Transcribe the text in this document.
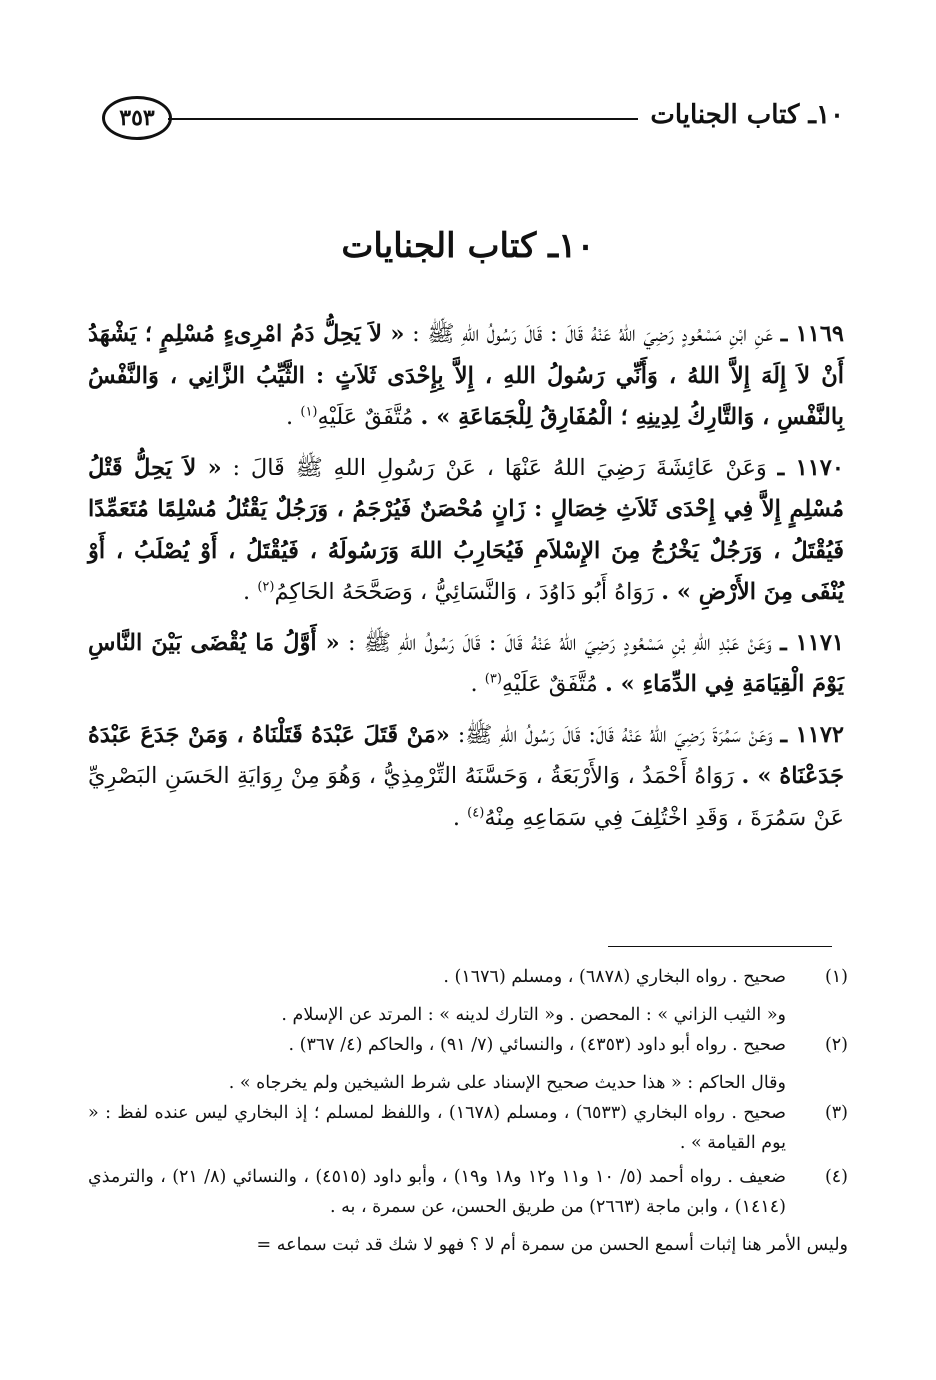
١٠ـ كتاب الجنايات
٣٥٣
١٠ـ كتاب الجنايات

١١٦٩ ـ عَنِ ابْنِ مَسْعُودٍ رَضِيَ اللهُ عَنْهُ قَالَ : قَالَ رَسُولُ اللهِ ﷺ : « لاَ يَحِلُّ دَمُ امْرِىءٍ مُسْلِمٍ ؛ يَشْهَدُ أَنْ لاَ إِلَهَ إِلاَّ اللهُ ، وَأَنِّي رَسُولُ اللهِ ، إِلاَّ بِإِحْدَى ثَلاَثٍ : الثَّيِّبُ الزَّانِي ، وَالنَّفْسُ بِالنَّفْسِ ، وَالتَّارِكُ لِدِينِهِ ؛ الْمُفَارِقُ لِلْجَمَاعَةِ » . مُتَّفَقٌ عَلَيْهِ$^{(١)}$ .

١١٧٠ ـ وَعَنْ عَائِشَةَ رَضِيَ اللهُ عَنْهَا ، عَنْ رَسُولِ اللهِ ﷺ قَالَ : « لاَ يَحِلُّ قَتْلُ مُسْلِمٍ إِلاَّ فِي إِحْدَى ثَلاَثِ خِصَالٍ : زَانٍ مُحْصَنٌ فَيُرْجَمُ ، وَرَجُلٌ يَقْتُلُ مُسْلِمًا مُتَعَمِّدًا فَيُقْتَلُ ، وَرَجُلٌ يَخْرُجُ مِنَ الإِسْلاَمِ فَيُحَارِبُ اللهَ وَرَسُولَهُ ، فَيُقْتَلُ ، أَوْ يُصْلَبُ ، أَوْ يُنْفَى مِنَ الأَرْضِ » . رَوَاهُ أَبُو دَاوُدَ ، وَالنَّسَائِيُّ ، وَصَحَّحَهُ الحَاكِمُ$^{(٢)}$ .

١١٧١ ـ وَعَنْ عَبْدِ اللهِ بْنِ مَسْعُودٍ رَضِيَ اللهُ عَنْهُ قَالَ : قَالَ رَسُولُ اللهِ ﷺ : « أَوَّلُ مَا يُقْضَى بَيْنَ النَّاسِ يَوْمَ الْقِيَامَةِ فِي الدِّمَاءِ » . مُتَّفَقٌ عَلَيْهِ$^{(٣)}$ .

١١٧٢ ـ وَعَنْ سَمُرَةَ رَضِيَ اللهُ عَنْهُ قَالَ: قَالَ رَسُولُ اللهِ ﷺ: «مَنْ قَتَلَ عَبْدَهُ قَتَلْنَاهُ ، وَمَنْ جَدَعَ عَبْدَهُ جَدَعْنَاهُ » . رَوَاهُ أَحْمَدُ ، وَالأَرْبَعَةُ ، وَحَسَّنَهُ التِّرْمِذِيُّ ، وَهُوَ مِنْ رِوَايَةِ الحَسَنِ البَصْرِيِّ عَنْ سَمُرَةَ ، وَقَدِ اخْتُلِفَ فِي سَمَاعِهِ مِنْهُ$^{(٤)}$ .

(١)
صحيح . رواه البخاري (٦٨٧٨) ، ومسلم (١٦٧٦) .
و« الثيب الزاني » : المحصن . و« التارك لدينه » : المرتد عن الإسلام .
(٢)
صحيح . رواه أبو داود (٤٣٥٣) ، والنسائي (٧/ ٩١) ، والحاكم (٤/ ٣٦٧) .
وقال الحاكم : « هذا حديث صحيح الإسناد على شرط الشيخين ولم يخرجاه » .
(٣)
صحيح . رواه البخاري (٦٥٣٣) ، ومسلم (١٦٧٨) ، واللفظ لمسلم ؛ إذ البخاري ليس عنده لفظ : « يوم القيامة » .
(٤)
ضعيف . رواه أحمد (٥/ ١٠ و١١ و١٢ و١٨ و١٩) ، وأبو داود (٤٥١٥) ، والنسائي (٨/ ٢١) ، والترمذي (١٤١٤) ، وابن ماجة (٢٦٦٣) من طريق الحسن، عن سمرة ، به .
وليس الأمر هنا إثبات أسمع الحسن من سمرة أم لا ؟ فهو لا شك قد ثبت سماعه =
